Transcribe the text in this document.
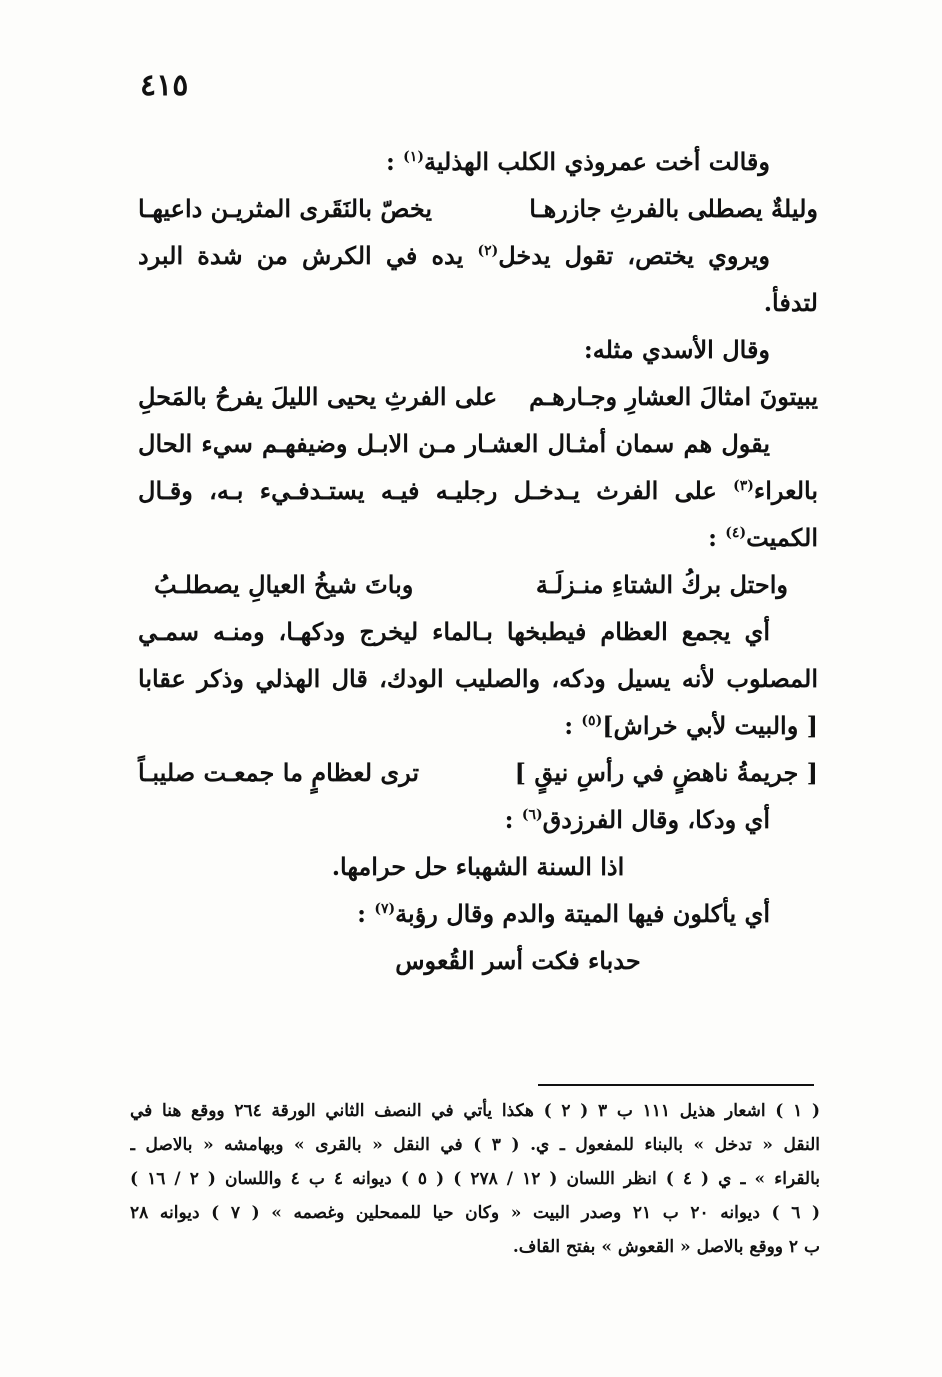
٤١٥
وقالت أخت عمروذي الكلب الهذلية$^{(١)}$ :
وليلةٌ يصطلى بالفرثِ جازرهـا
يخصّ بالنَقَرى المثريـن داعيهـا
ويروي يختص، تقول يدخل$^{(٢)}$ يده في الكرش من شدة البرد
لتدفأ.
وقال الأسدي مثله:
يبيتونَ امثالَ العشارِ وجـارهـم
على الفرثِ يحيى الليلَ يفرحُ بالمَحلِ
يقول هم سمان أمثـال العشـار مـن الابـل وضيفهـم سيء الحال
بالعراء$^{(٣)}$ على الفرث يـدخـل رجليـه فيـه يستـدفـيء بـه، وقـال
الكميت$^{(٤)}$ :
واحتل بركُ الشتاءِ منـزلَـة
وباتَ شيخُ العيالِ يصطلـبُ
أي يجمع العظام فيطبخها بـالماء ليخرج ودكهـا، ومنـه سمـي
المصلوب لأنه يسيل ودكه، والصليب الودك، قال الهذلي وذكر عقابا
[ والبيت لأبي خراش]$^{(٥)}$ :
[ جريمةُ ناهضٍ في رأسِ نيقٍ ]
ترى لعظامٍ ما جمعـت صليبـاً
أي ودكا، وقال الفرزدق$^{(٦)}$ :
اذا السنة الشهباء حل حرامها.
أي يأكلون فيها الميتة والدم وقال رؤبة$^{(٧)}$ :
حدباء فكت أسر القُعوس
( ١ ) اشعار هذيل ١١١ ب ٣ ( ٢ ) هكذا يأتي في النصف الثاني الورقة ٢٦٤ ووقع هنا في
النقل « تدخل » بالبناء للمفعول ـ ي. ( ٣ ) في النقل « بالقرى » وبهامشه « بالاصل ـ
بالقراء » ـ ي ( ٤ ) انظر اللسان ( ١٢ / ٢٧٨ ) ( ٥ ) ديوانه ٤ ب ٤ واللسان ( ٢ / ١٦ )
( ٦ ) ديوانه ٢٠ ب ٢١ وصدر البيت « وكان حيا للممحلين وغصمه » ( ٧ ) ديوانه ٢٨
ب ٢ ووقع بالاصل « القعوش » بفتح القاف.
